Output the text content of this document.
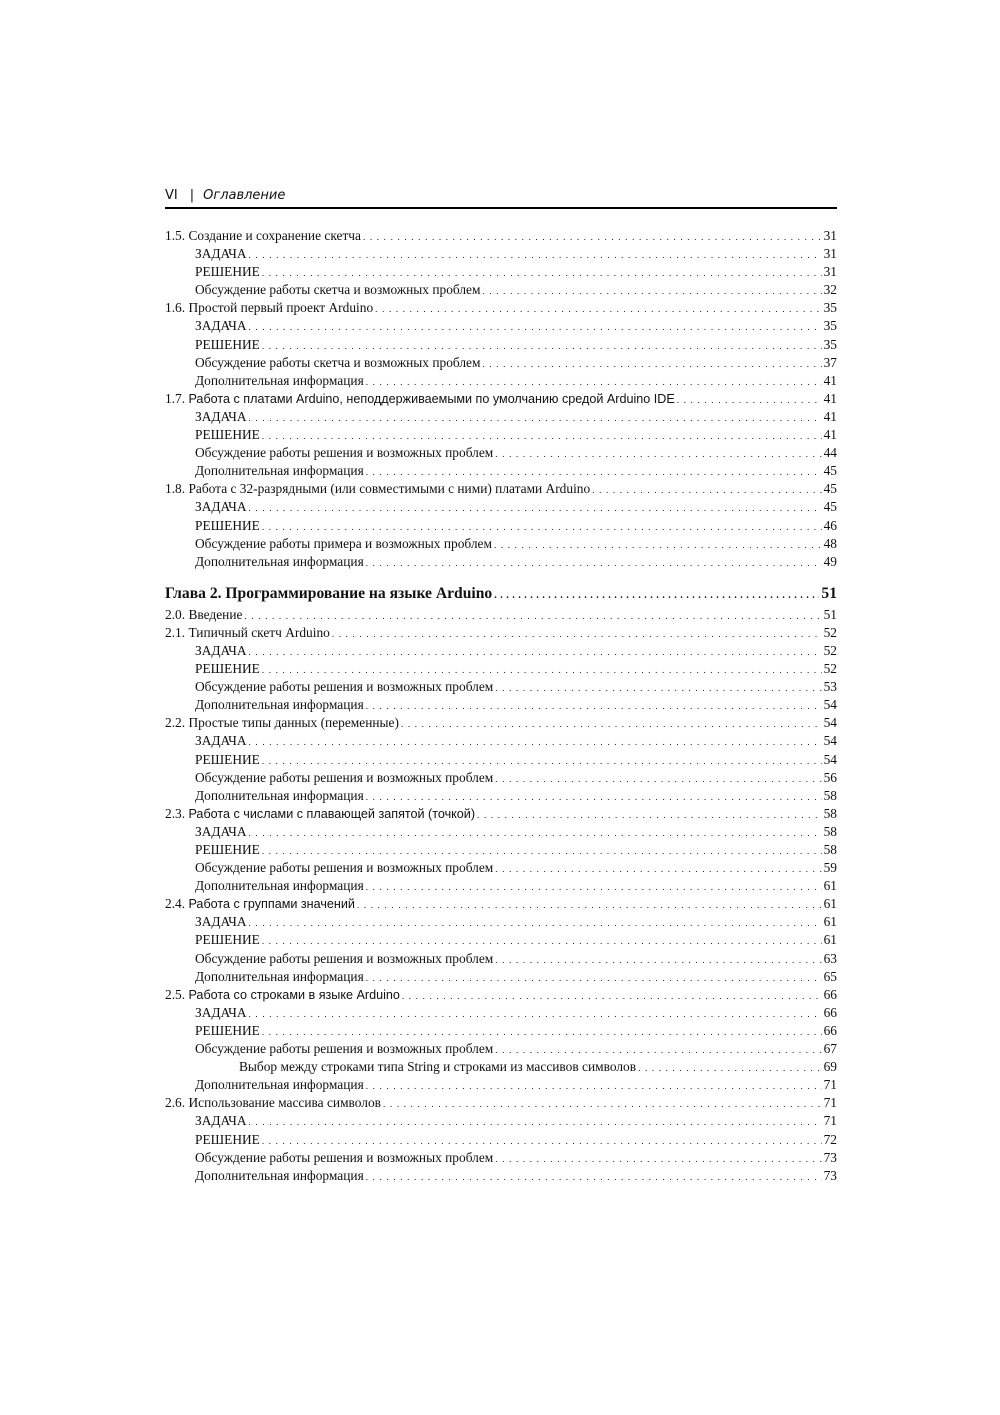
VI | Оглавление
1.5. Создание и сохранение скетча . . .	31
ЗАДАЧА . . .	31
РЕШЕНИЕ . . .	31
Обсуждение работы скетча и возможных проблем . . .	32
1.6. Простой первый проект Arduino . . .	35
ЗАДАЧА . . .	35
РЕШЕНИЕ . . .	35
Обсуждение работы скетча и возможных проблем . . .	37
Дополнительная информация . . .	41
1.7. Работа с платами Arduino, неподдерживаемыми по умолчанию средой Arduino IDE . . .	41
ЗАДАЧА . . .	41
РЕШЕНИЕ . . .	41
Обсуждение работы решения и возможных проблем . . .	44
Дополнительная информация . . .	45
1.8. Работа с 32-разрядными (или совместимыми с ними) платами Arduino . . .	45
ЗАДАЧА . . .	45
РЕШЕНИЕ . . .	46
Обсуждение работы примера и возможных проблем . . .	48
Дополнительная информация . . .	49
Глава 2. Программирование на языке Arduino . . .	51
2.0. Введение . . .	51
2.1. Типичный скетч Arduino . . .	52
ЗАДАЧА . . .	52
РЕШЕНИЕ . . .	52
Обсуждение работы решения и возможных проблем . . .	53
Дополнительная информация . . .	54
2.2. Простые типы данных (переменные) . . .	54
ЗАДАЧА . . .	54
РЕШЕНИЕ . . .	54
Обсуждение работы решения и возможных проблем . . .	56
Дополнительная информация . . .	58
2.3. Работа с числами с плавающей запятой (точкой) . . .	58
ЗАДАЧА . . .	58
РЕШЕНИЕ . . .	58
Обсуждение работы решения и возможных проблем . . .	59
Дополнительная информация . . .	61
2.4. Работа с группами значений . . .	61
ЗАДАЧА . . .	61
РЕШЕНИЕ . . .	61
Обсуждение работы решения и возможных проблем . . .	63
Дополнительная информация . . .	65
2.5. Работа со строками в языке Arduino . . .	66
ЗАДАЧА . . .	66
РЕШЕНИЕ . . .	66
Обсуждение работы решения и возможных проблем . . .	67
Выбор между строками типа String и строками из массивов символов . . .	69
Дополнительная информация . . .	71
2.6. Использование массива символов . . .	71
ЗАДАЧА . . .	71
РЕШЕНИЕ . . .	72
Обсуждение работы решения и возможных проблем . . .	73
Дополнительная информация . . .	73
